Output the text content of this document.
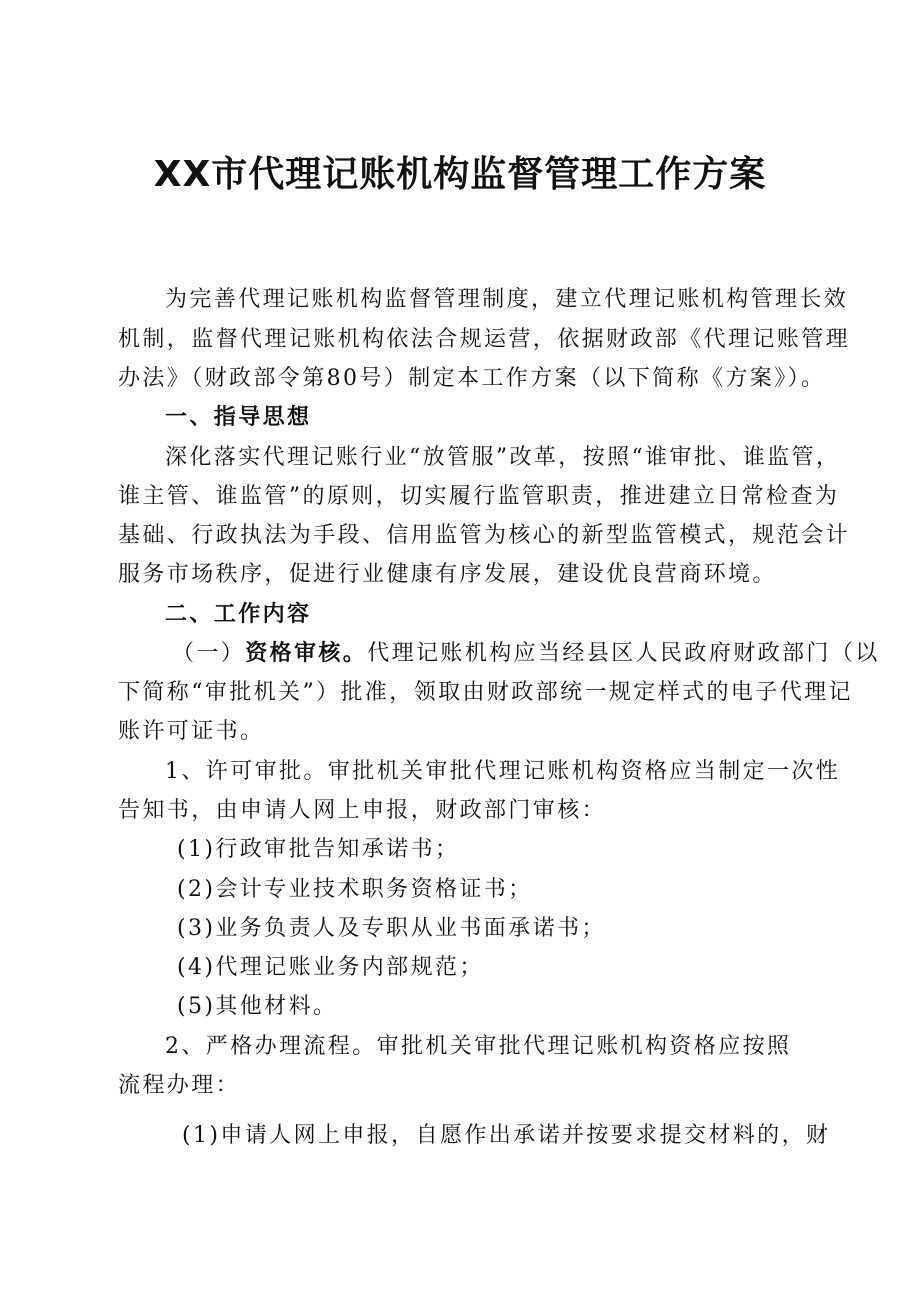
XX市代理记账机构监督管理工作方案

为完善代理记账机构监督管理制度，建立代理记账机构管理长效

机制，监督代理记账机构依法合规运营，依据财政部《代理记账管理

办法》（财政部令第80号）制定本工作方案（以下简称《方案》）。

一、指导思想

深化落实代理记账行业“放管服”改革，按照“谁审批、谁监管，

谁主管、谁监管”的原则，切实履行监管职责，推进建立日常检查为

基础、行政执法为手段、信用监管为核心的新型监管模式，规范会计

服务市场秩序，促进行业健康有序发展，建设优良营商环境。

二、工作内容

（一）资格审核。代理记账机构应当经县区人民政府财政部门（以

下简称“审批机关”）批准，领取由财政部统一规定样式的电子代理记

账许可证书。

1、许可审批。审批机关审批代理记账机构资格应当制定一次性

告知书，由申请人网上申报，财政部门审核：

(1)行政审批告知承诺书；

(2)会计专业技术职务资格证书；

(3)业务负责人及专职从业书面承诺书；

(4)代理记账业务内部规范；

(5)其他材料。

2、严格办理流程。审批机关审批代理记账机构资格应按照

流程办理：

(1)申请人网上申报，自愿作出承诺并按要求提交材料的，财
